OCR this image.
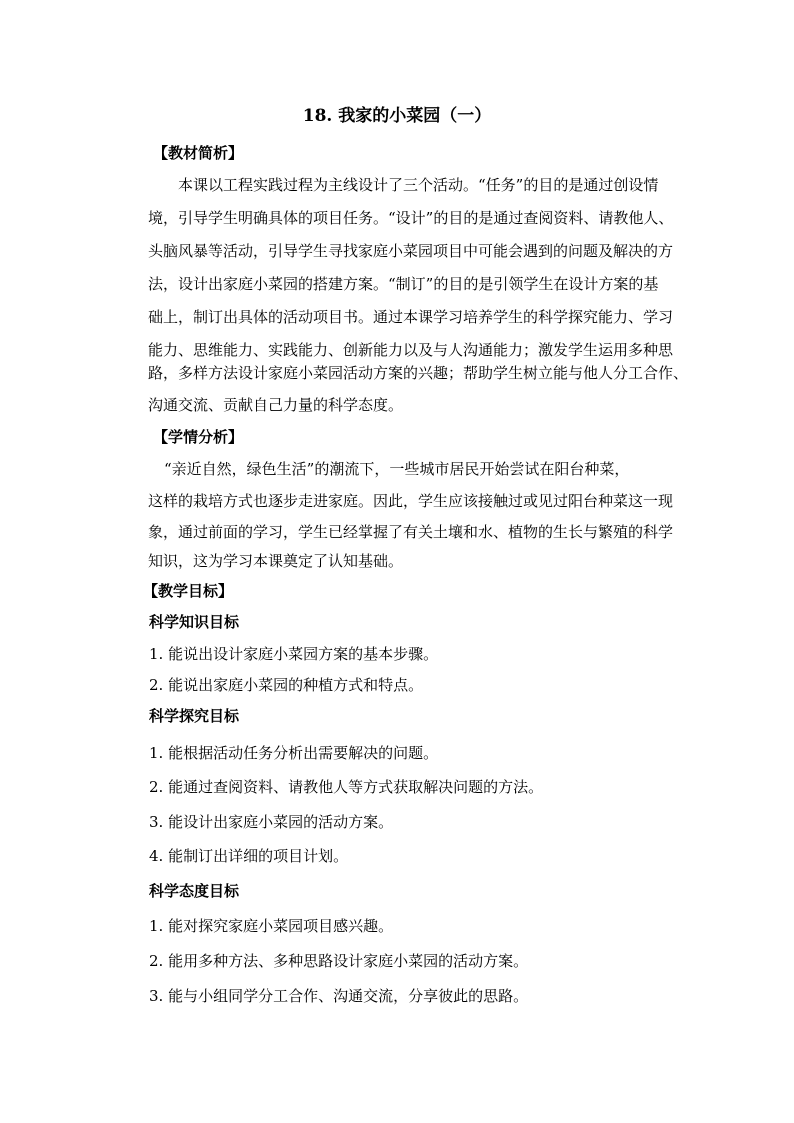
18. 我家的小菜园（一）
【教材简析】
本课以工程实践过程为主线设计了三个活动。“任务”的目的是通过创设情
境，引导学生明确具体的项目任务。“设计”的目的是通过查阅资料、请教他人、
头脑风暴等活动，引导学生寻找家庭小菜园项目中可能会遇到的问题及解决的方
法，设计出家庭小菜园的搭建方案。“制订”的目的是引领学生在设计方案的基
础上，制订出具体的活动项目书。通过本课学习培养学生的科学探究能力、学习
能力、思维能力、实践能力、创新能力以及与人沟通能力；激发学生运用多种思
路，多样方法设计家庭小菜园活动方案的兴趣；帮助学生树立能与他人分工合作、
沟通交流、贡献自己力量的科学态度。
【学情分析】
“亲近自然，绿色生活”的潮流下，一些城市居民开始尝试在阳台种菜，
这样的栽培方式也逐步走进家庭。因此，学生应该接触过或见过阳台种菜这一现
象，通过前面的学习，学生已经掌握了有关土壤和水、植物的生长与繁殖的科学
知识，这为学习本课奠定了认知基础。
【教学目标】
科学知识目标
1. 能说出设计家庭小菜园方案的基本步骤。
2. 能说出家庭小菜园的种植方式和特点。
科学探究目标
1. 能根据活动任务分析出需要解决的问题。
2. 能通过查阅资料、请教他人等方式获取解决问题的方法。
3. 能设计出家庭小菜园的活动方案。
4. 能制订出详细的项目计划。
科学态度目标
1. 能对探究家庭小菜园项目感兴趣。
2. 能用多种方法、多种思路设计家庭小菜园的活动方案。
3. 能与小组同学分工合作、沟通交流，分享彼此的思路。
